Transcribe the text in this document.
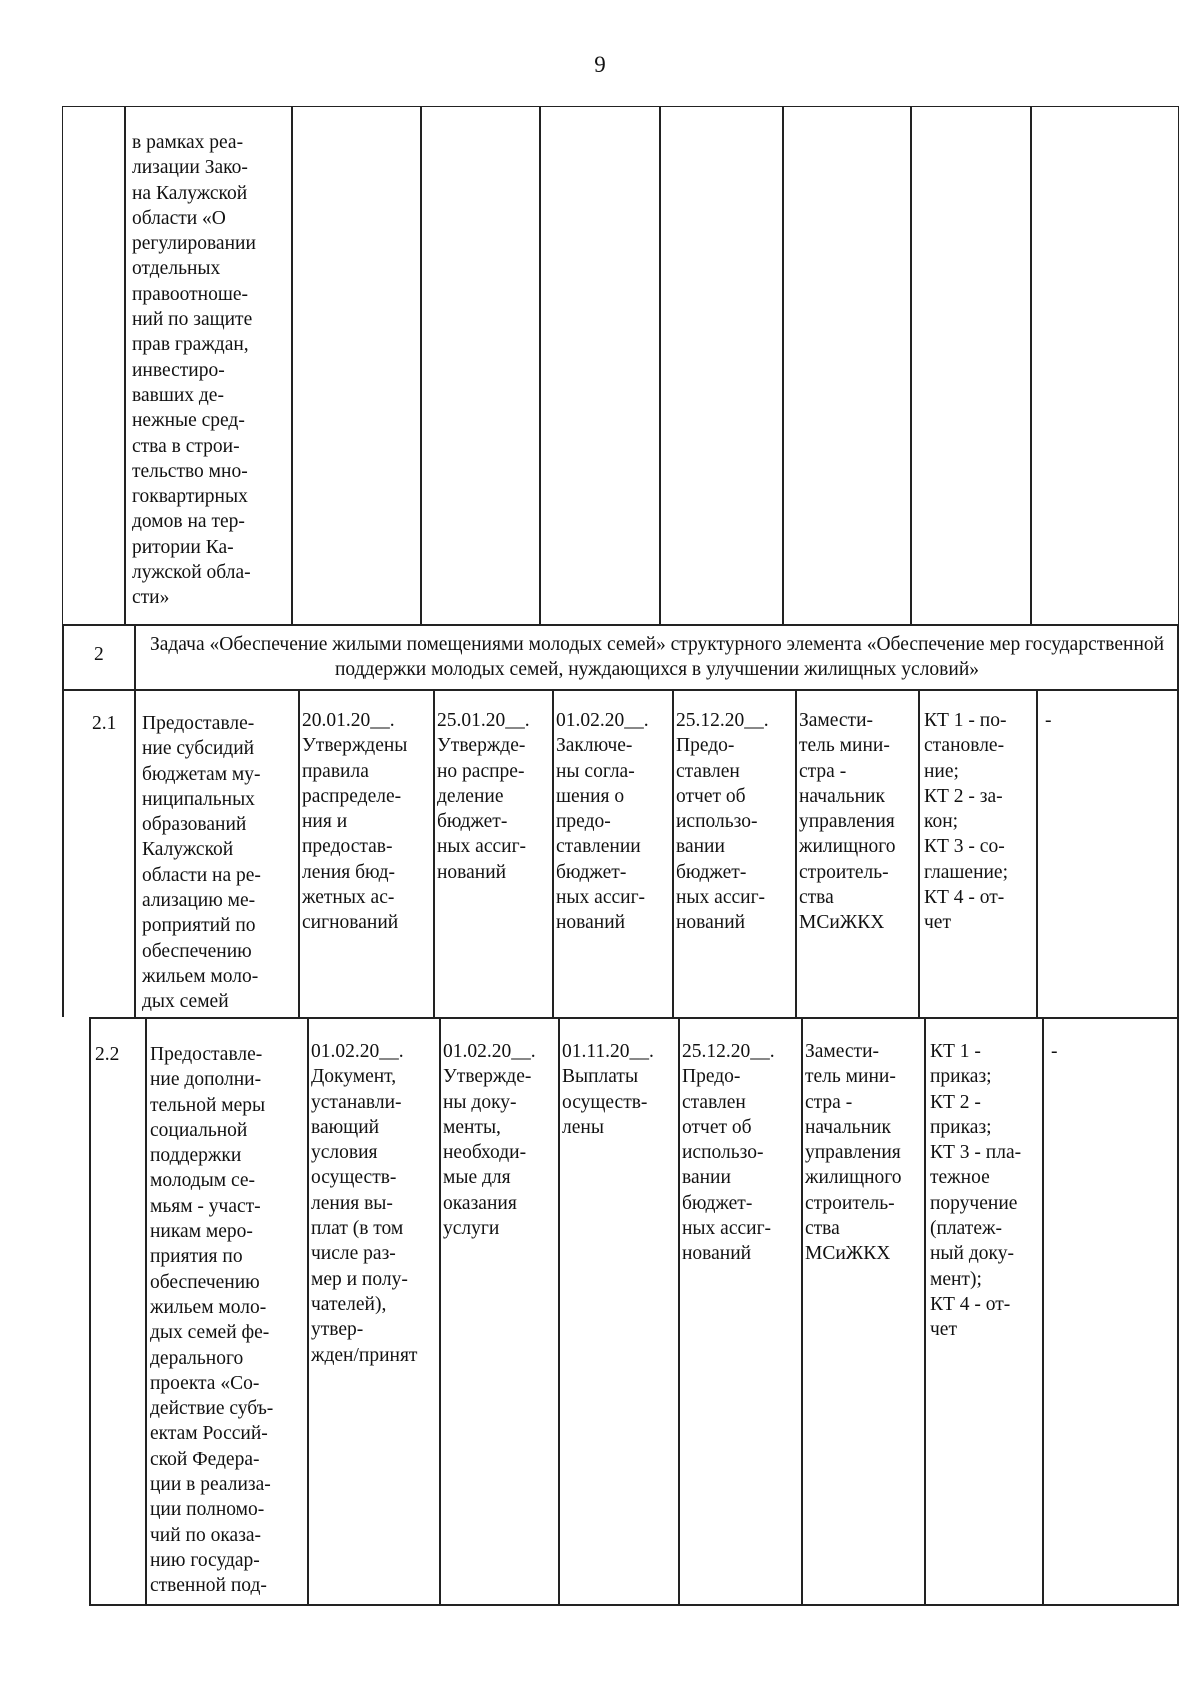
9
в рамках реа-
лизации Зако-
на Калужской
области «О
регулировании
отдельных
правоотноше-
ний по защите
прав граждан,
инвестиро-
вавших де-
нежные сред-
ства в строи-
тельство мно-
гоквартирных
домов на тер-
ритории Ка-
лужской обла-
сти»
2	Задача «Обеспечение жилыми помещениями молодых семей» структурного элемента «Обеспечение мер государственной поддержки молодых семей, нуждающихся в улучшении жилищных условий»
2.1 Предоставле-
ние субсидий
бюджетам му-
ниципальных
образований
Калужской
области на ре-
ализацию ме-
роприятий по
обеспечению
жильем моло-
дых семей
20.01.20__.
Утверждены
правила
распределе-
ния и
предостав-
ления бюд-
жетных ас-
сигнований
25.01.20__.
Утвержде-
но распре-
деление
бюджет-
ных ассиг-
нований
01.02.20__.
Заключе-
ны согла-
шения о
предо-
ставлении
бюджет-
ных ассиг-
нований
25.12.20__.
Предо-
ставлен
отчет об
использо-
вании
бюджет-
ных ассиг-
нований
Замести-
тель мини-
стра -
начальник
управления
жилищного
строитель-
ства
МСиЖКХ
КТ 1 - по-
становле-
ние;
КТ 2 - за-
кон;
КТ 3 - со-
глашение;
КТ 4 - от-
чет
-
2.2 Предоставле-
ние дополни-
тельной меры
социальной
поддержки
молодым се-
мьям - участ-
никам меро-
приятия по
обеспечению
жильем моло-
дых семей фе-
дерального
проекта «Со-
действие субъ-
ектам Россий-
ской Федера-
ции в реализа-
ции полномо-
чий по оказа-
нию государ-
ственной под-
01.02.20__.
Документ,
устанавли-
вающий
условия
осуществ-
ления вы-
плат (в том
числе раз-
мер и полу-
чателей),
утвер-
жден/принят
01.02.20__.
Утвержде-
ны доку-
менты,
необходи-
мые для
оказания
услуги
01.11.20__.
Выплаты
осуществ-
лены
25.12.20__.
Предо-
ставлен
отчет об
использо-
вании
бюджет-
ных ассиг-
нований
Замести-
тель мини-
стра -
начальник
управления
жилищного
строитель-
ства
МСиЖКХ
КТ 1 -
приказ;
КТ 2 -
приказ;
КТ 3 - пла-
тежное
поручение
(платеж-
ный доку-
мент);
КТ 4 - от-
чет
-
